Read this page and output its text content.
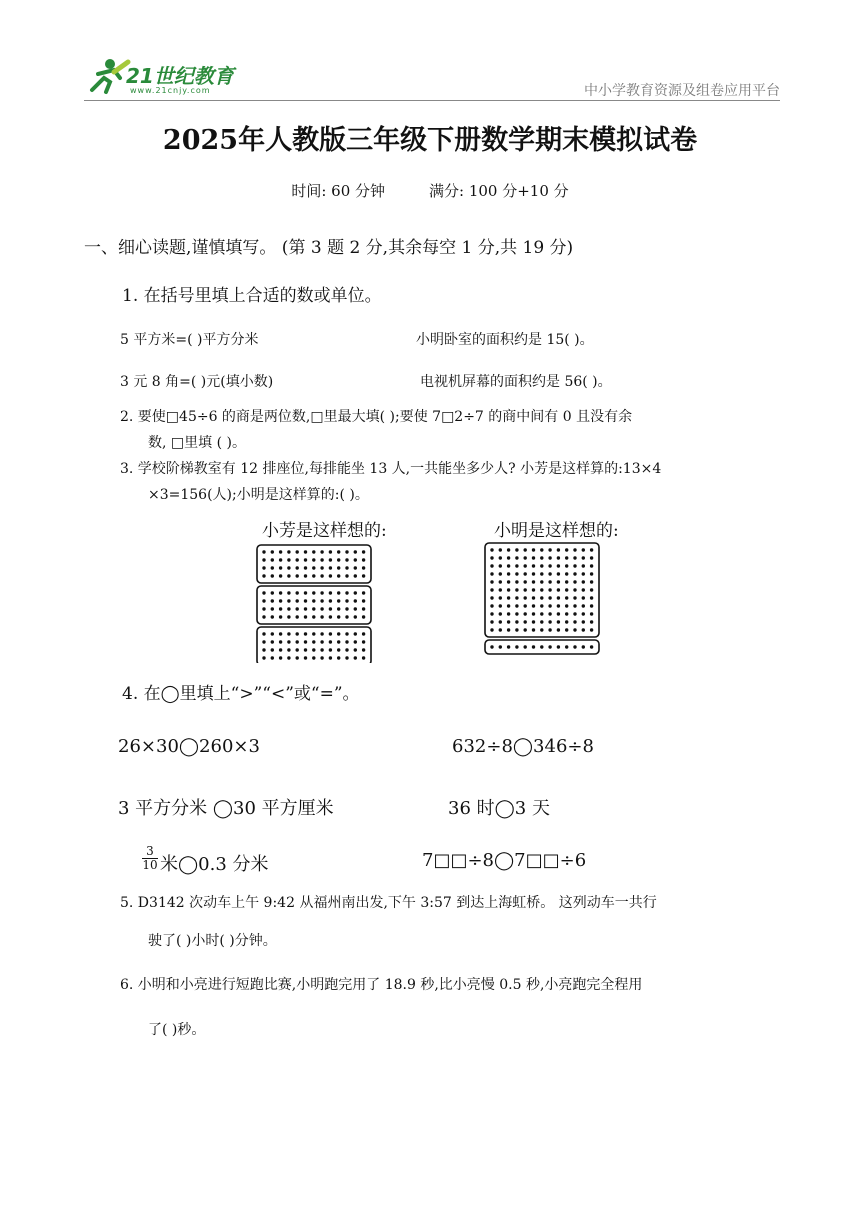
21世纪教育
www.21cnjy.com	中小学教育资源及组卷应用平台
2025年人教版三年级下册数学期末模拟试卷
时间: 60 分钟	满分: 100 分+10 分
一、细心读题,谨慎填写。 (第 3 题 2 分,其余每空 1 分,共 19 分)
1. 在括号里填上合适的数或单位。
5 平方米=( )平方分米	小明卧室的面积约是 15( )。
3 元 8 角=( )元(填小数)	电视机屏幕的面积约是 56( )。
2. 要使□45÷6 的商是两位数,□里最大填( );要使 7□2÷7 的商中间有 0 且没有余
数, □里填 ( )。
3. 学校阶梯教室有 12 排座位,每排能坐 13 人,一共能坐多少人? 小芳是这样算的:13×4
×3=156(人);小明是这样算的:( )。
小芳是这样想的:	小明是这样想的:
4. 在◯里填上“>”“<”或“=”。
26×30◯260×3	632÷8◯346÷8
3 平方分米 ◯30 平方厘米	36 时◯3 天
$\frac{3}{10}$ 米◯0.3 分米	7□□÷8◯7□□÷6
5. D3142 次动车上午 9:42 从福州南出发,下午 3:57 到达上海虹桥。 这列动车一共行
驶了( )小时( )分钟。
6. 小明和小亮进行短跑比赛,小明跑完用了 18.9 秒,比小亮慢 0.5 秒,小亮跑完全程用
了( )秒。
